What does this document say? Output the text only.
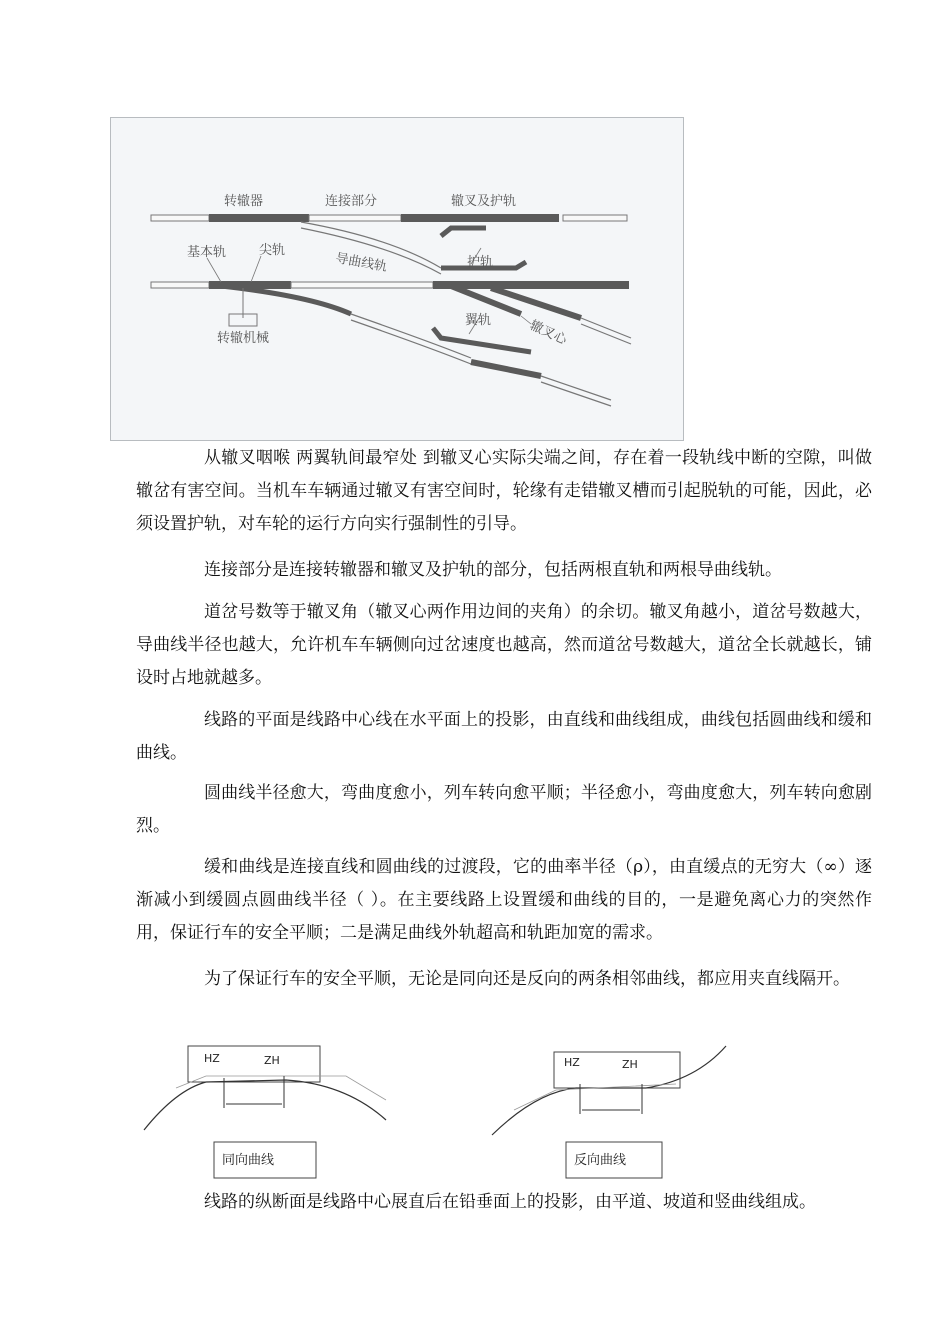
转辙器	连接部分	辙叉及护轨
基本轨	尖轨
导曲线轨	护轨
翼轨	辙叉心
转辙机械

从辙叉咽喉 两翼轨间最窄处 到辙叉心实际尖端之间，存在着一段轨线中断的空隙，叫做辙岔有害空间。当机车车辆通过辙叉有害空间时，轮缘有走错辙叉槽而引起脱轨的可能，因此，必须设置护轨，对车轮的运行方向实行强制性的引导。

连接部分是连接转辙器和辙叉及护轨的部分，包括两根直轨和两根导曲线轨。

道岔号数等于辙叉角（辙叉心两作用边间的夹角）的余切。辙叉角越小，道岔号数越大，导曲线半径也越大，允许机车车辆侧向过岔速度也越高，然而道岔号数越大，道岔全长就越长，铺设时占地就越多。

线路的平面是线路中心线在水平面上的投影，由直线和曲线组成，曲线包括圆曲线和缓和曲线。

圆曲线半径愈大，弯曲度愈小，列车转向愈平顺；半径愈小，弯曲度愈大，列车转向愈剧烈。

缓和曲线是连接直线和圆曲线的过渡段，它的曲率半径（ρ），由直缓点的无穷大（∞）逐渐减小到缓圆点圆曲线半径（ ）。在主要线路上设置缓和曲线的目的，一是避免离心力的突然作用，保证行车的安全平顺；二是满足曲线外轨超高和轨距加宽的需求。

为了保证行车的安全平顺，无论是同向还是反向的两条相邻曲线，都应用夹直线隔开。

HZ	ZH
同向曲线
HZ	ZH
反向曲线

线路的纵断面是线路中心展直后在铅垂面上的投影，由平道、坡道和竖曲线组成。
